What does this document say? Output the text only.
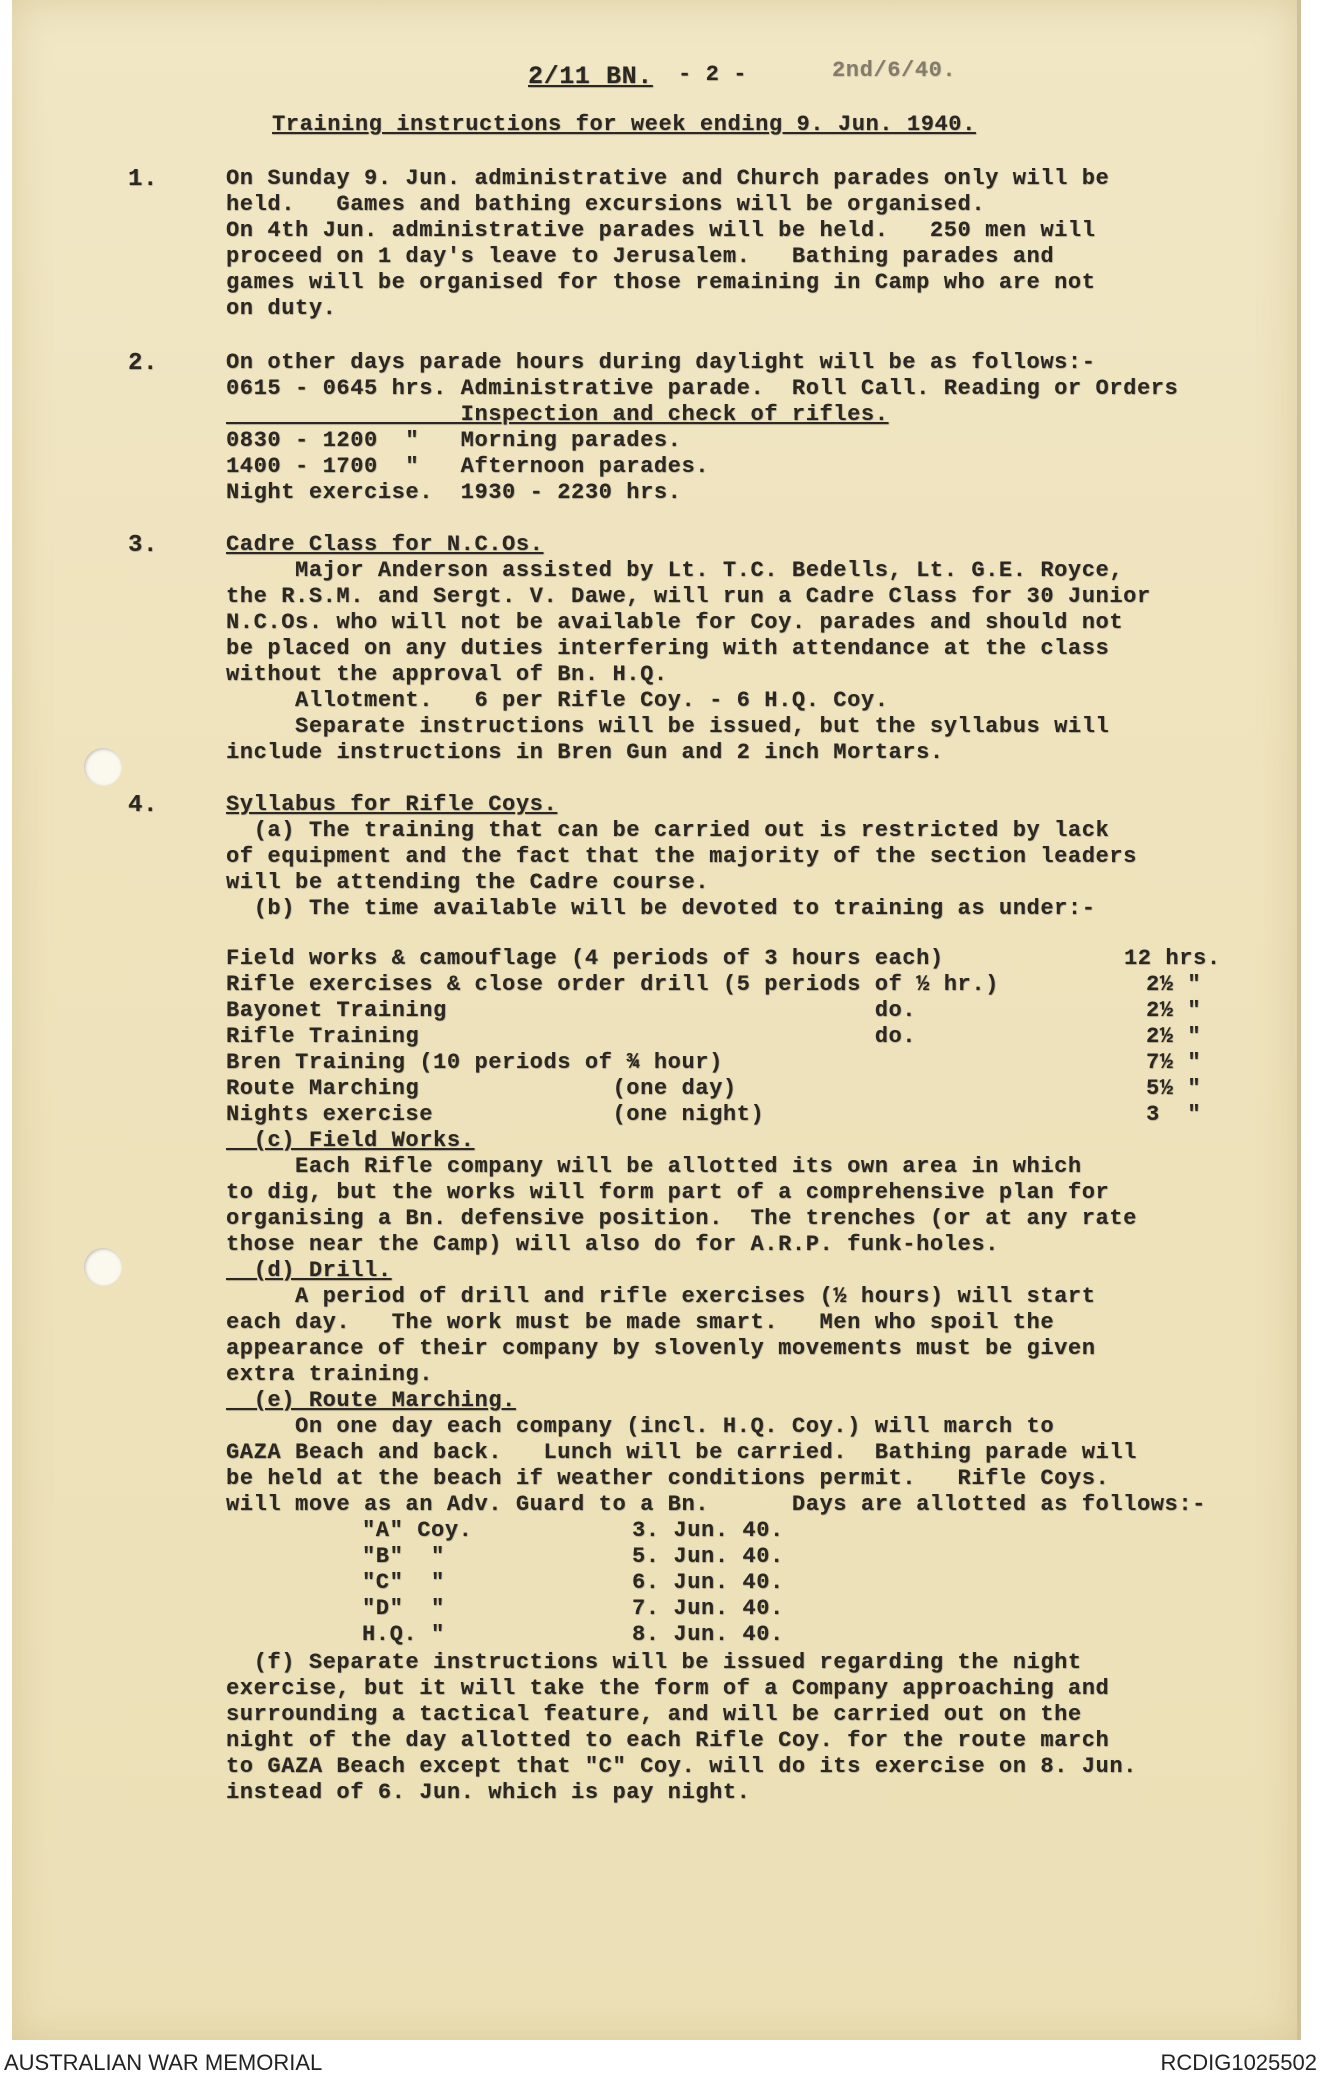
2/11 BN. - 2 -	2nd/6/40.
Training instructions for week ending 9. Jun. 1940.
1.	On Sunday 9. Jun. administrative and Church parades only will be
held.   Games and bathing excursions will be organised.
On 4th Jun. administrative parades will be held.   250 men will
proceed on 1 day's leave to Jerusalem.   Bathing parades and
games will be organised for those remaining in Camp who are not
on duty.
2.	On other days parade hours during daylight will be as follows:-
0615 - 0645 hrs. Administrative parade.  Roll Call. Reading or Orders
Inspection and check of rifles.
0830 - 1200  "   Morning parades.
1400 - 1700  "   Afternoon parades.
Night exercise.  1930 - 2230 hrs.
3.	Cadre Class for N.C.Os.
Major Anderson assisted by Lt. T.C. Bedells, Lt. G.E. Royce,
the R.S.M. and Sergt. V. Dawe, will run a Cadre Class for 30 Junior
N.C.Os. who will not be available for Coy. parades and should not
be placed on any duties interfering with attendance at the class
without the approval of Bn. H.Q.
Allotment.   6 per Rifle Coy. - 6 H.Q. Coy.
Separate instructions will be issued, but the syllabus will
include instructions in Bren Gun and 2 inch Mortars.
4.	Syllabus for Rifle Coys.
(a) The training that can be carried out is restricted by lack
of equipment and the fact that the majority of the section leaders
will be attending the Cadre course.
(b) The time available will be devoted to training as under:-
Field works & camouflage (4 periods of 3 hours each)	12 hrs.
Rifle exercises & close order drill (5 periods of ½ hr.)	2½ "
Bayonet Training                               do.	2½ "
Rifle Training                                 do.	2½ "
Bren Training (10 periods of ¾ hour)	7½ "
Route Marching              (one day)	5½ "
Nights exercise             (one night)	3  "
(c) Field Works.
Each Rifle company will be allotted its own area in which
to dig, but the works will form part of a comprehensive plan for
organising a Bn. defensive position.  The trenches (or at any rate
those near the Camp) will also do for A.R.P. funk-holes.
(d) Drill.
A period of drill and rifle exercises (½ hours) will start
each day.   The work must be made smart.   Men who spoil the
appearance of their company by slovenly movements must be given
extra training.
(e) Route Marching.
On one day each company (incl. H.Q. Coy.) will march to
GAZA Beach and back.   Lunch will be carried.  Bathing parade will
be held at the beach if weather conditions permit.   Rifle Coys.
will move as an Adv. Guard to a Bn.      Days are allotted as follows:-
"A" Coy.	3. Jun. 40.
"B"  "	5. Jun. 40.
"C"  "	6. Jun. 40.
"D"  "	7. Jun. 40.
H.Q. "	8. Jun. 40.
(f) Separate instructions will be issued regarding the night
exercise, but it will take the form of a Company approaching and
surrounding a tactical feature, and will be carried out on the
night of the day allotted to each Rifle Coy. for the route march
to GAZA Beach except that "C" Coy. will do its exercise on 8. Jun.
instead of 6. Jun. which is pay night.
AUSTRALIAN WAR MEMORIAL	RCDIG1025502
